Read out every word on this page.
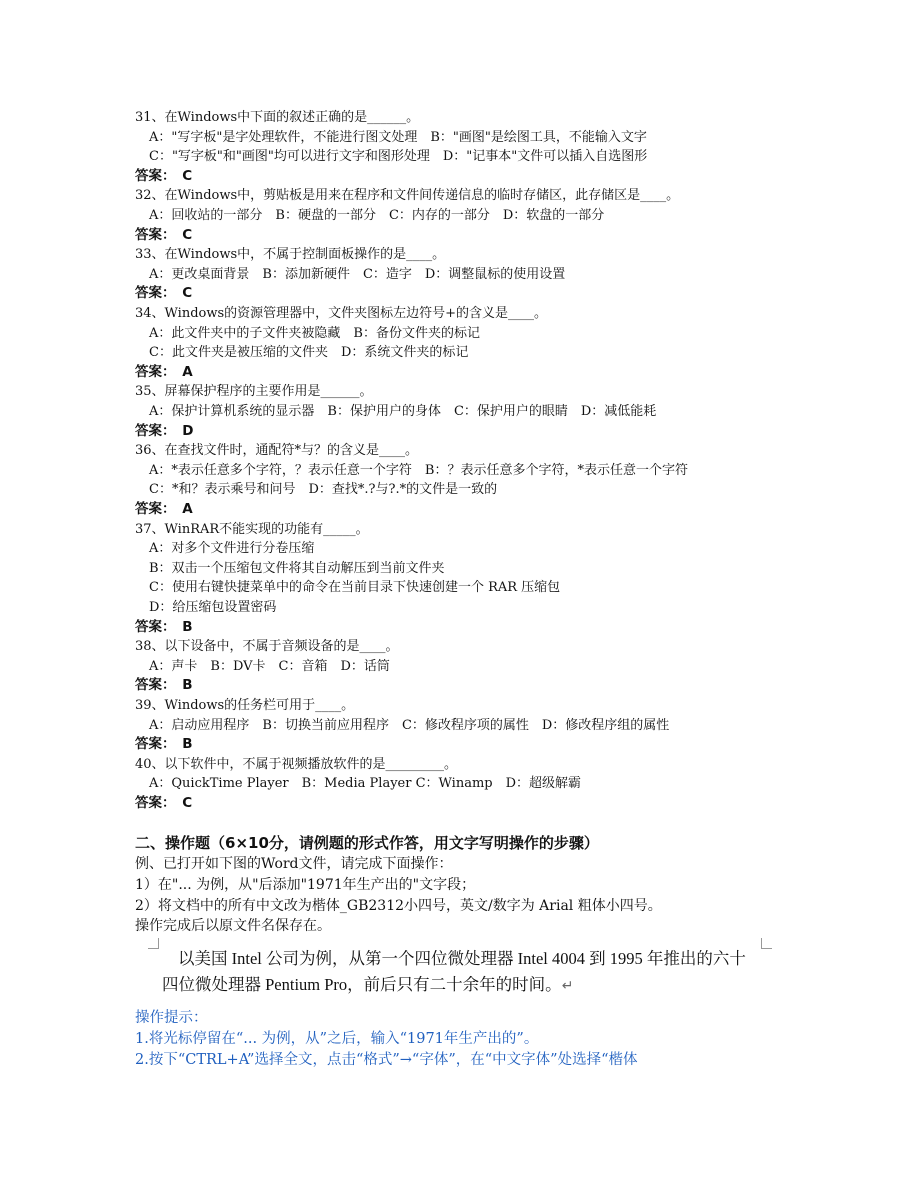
31、在Windows中下面的叙述正确的是______。
A："写字板"是字处理软件，不能进行图文处理　B："画图"是绘图工具，不能输入文字
C："写字板"和"画图"均可以进行文字和图形处理　D："记事本"文件可以插入自选图形
答案：　C
32、在Windows中，剪贴板是用来在程序和文件间传递信息的临时存储区，此存储区是____。
A：回收站的一部分　B：硬盘的一部分　C：内存的一部分　D：软盘的一部分
答案：　C
33、在Windows中，不属于控制面板操作的是____。
A：更改桌面背景　B：添加新硬件　C：造字　D：调整鼠标的使用设置
答案：　C
34、Windows的资源管理器中，文件夹图标左边符号+的含义是____。
A：此文件夹中的子文件夹被隐藏　B：备份文件夹的标记
C：此文件夹是被压缩的文件夹　D：系统文件夹的标记
答案：　A
35、屏幕保护程序的主要作用是______。
A：保护计算机系统的显示器　B：保护用户的身体　C：保护用户的眼睛　D：减低能耗
答案：　D
36、在查找文件时，通配符*与？的含义是____。
A：*表示任意多个字符，？表示任意一个字符　B：？表示任意多个字符，*表示任意一个字符
C：*和？表示乘号和问号　D：查找*.?与?.*的文件是一致的
答案：　A
37、WinRAR不能实现的功能有_____。
A：对多个文件进行分卷压缩
B：双击一个压缩包文件将其自动解压到当前文件夹
C：使用右键快捷菜单中的命令在当前目录下快速创建一个 RAR 压缩包
D：给压缩包设置密码
答案：　B
38、以下设备中，不属于音频设备的是____。
A：声卡　B：DV卡　C：音箱　D：话筒
答案：　B
39、Windows的任务栏可用于____。
A：启动应用程序　B：切换当前应用程序　C：修改程序项的属性　D：修改程序组的属性
答案：　B
40、以下软件中，不属于视频播放软件的是_________。
A：QuickTime Player　B：Media Player C：Winamp　D：超级解霸
答案：　C
二、操作题（6×10分，请例题的形式作答，用文字写明操作的步骤）
例、已打开如下图的Word文件，请完成下面操作：
1）在"... 为例，从"后添加"1971年生产出的"文字段；
2）将文档中的所有中文改为楷体_GB2312小四号，英文/数字为 Arial 粗体小四号。
操作完成后以原文件名保存在。
以美国 Intel 公司为例，从第一个四位微处理器 Intel 4004 到 1995 年推出的六十四位微处理器 Pentium Pro，前后只有二十余年的时间。↵
操作提示：
1.将光标停留在“... 为例，从”之后，输入“1971年生产出的”。
2.按下“CTRL+A”选择全文，点击“格式”→“字体”，在“中文字体”处选择“楷体
